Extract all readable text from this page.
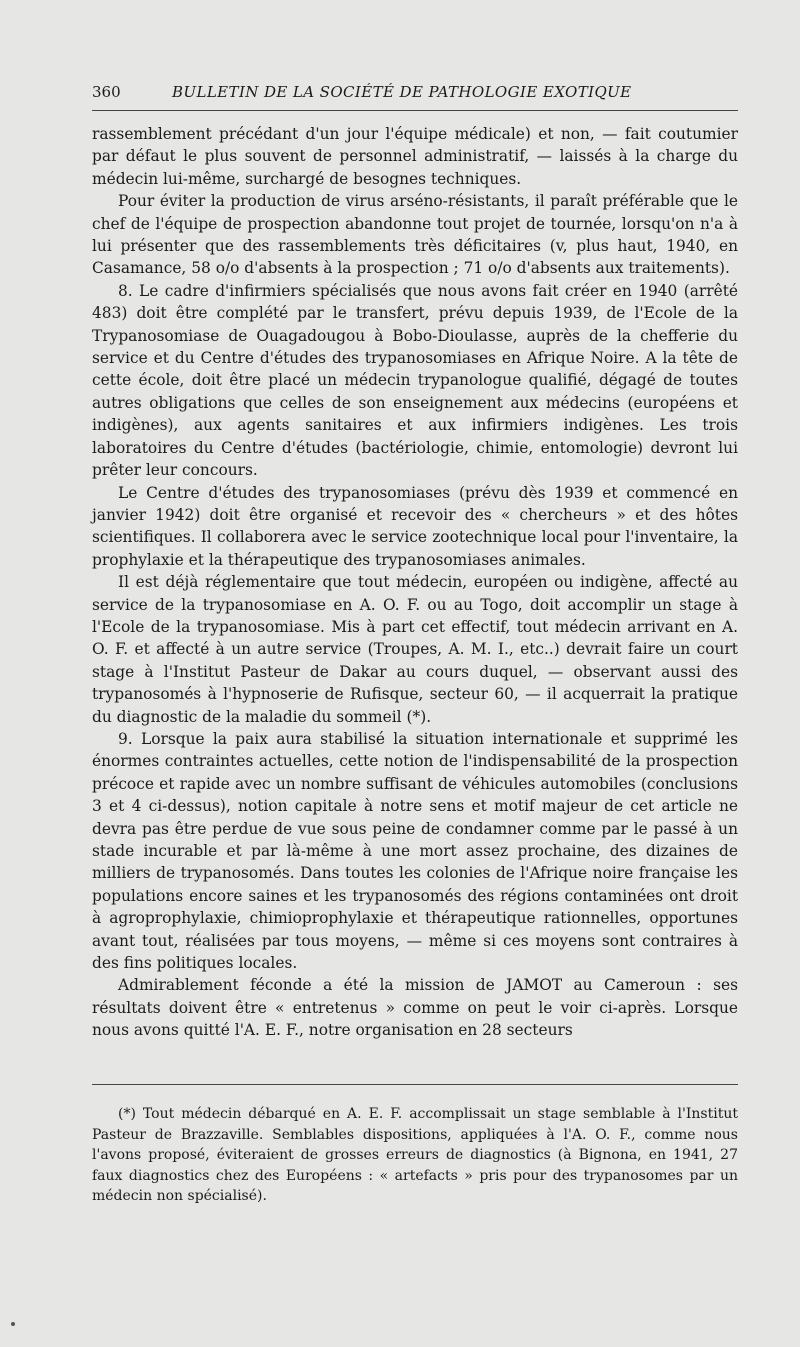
360	BULLETIN DE LA SOCIÉTÉ DE PATHOLOGIE EXOTIQUE

rassemblement précédant d'un jour l'équipe médicale) et non, — fait coutumier par défaut le plus souvent de personnel administratif, — laissés à la charge du médecin lui-même, surchargé de besognes techniques.

Pour éviter la production de virus arséno-résistants, il paraît préférable que le chef de l'équipe de prospection abandonne tout projet de tournée, lorsqu'on n'a à lui présenter que des rassemblements très déficitaires (v, plus haut, 1940, en Casamance, 58 o/o d'absents à la prospection ; 71 o/o d'absents aux traitements).

8. Le cadre d'infirmiers spécialisés que nous avons fait créer en 1940 (arrêté 483) doit être complété par le transfert, prévu depuis 1939, de l'Ecole de la Trypanosomiase de Ouagadougou à Bobo-Dioulasse, auprès de la chefferie du service et du Centre d'études des trypanosomiases en Afrique Noire. A la tête de cette école, doit être placé un médecin trypanologue qualifié, dégagé de toutes autres obligations que celles de son enseignement aux médecins (européens et indigènes), aux agents sanitaires et aux infirmiers indigènes. Les trois laboratoires du Centre d'études (bactériologie, chimie, entomologie) devront lui prêter leur concours.

Le Centre d'études des trypanosomiases (prévu dès 1939 et commencé en janvier 1942) doit être organisé et recevoir des « chercheurs » et des hôtes scientifiques. Il collaborera avec le service zootechnique local pour l'inventaire, la prophylaxie et la thérapeutique des trypanosomiases animales.

Il est déjà réglementaire que tout médecin, européen ou indigène, affecté au service de la trypanosomiase en A. O. F. ou au Togo, doit accomplir un stage à l'Ecole de la trypanosomiase. Mis à part cet effectif, tout médecin arrivant en A. O. F. et affecté à un autre service (Troupes, A. M. I., etc..) devrait faire un court stage à l'Institut Pasteur de Dakar au cours duquel, — observant aussi des trypanosomés à l'hypnoserie de Rufisque, secteur 60, — il acquerrait la pratique du diagnostic de la maladie du sommeil (*).

9. Lorsque la paix aura stabilisé la situation internationale et supprimé les énormes contraintes actuelles, cette notion de l'indispensabilité de la prospection précoce et rapide avec un nombre suffisant de véhicules automobiles (conclusions 3 et 4 ci-dessus), notion capitale à notre sens et motif majeur de cet article ne devra pas être perdue de vue sous peine de condamner comme par le passé à un stade incurable et par là-même à une mort assez prochaine, des dizaines de milliers de trypanosomés. Dans toutes les colonies de l'Afrique noire française les populations encore saines et les trypanosomés des régions contaminées ont droit à agroprophylaxie, chimioprophylaxie et thérapeutique rationnelles, opportunes avant tout, réalisées par tous moyens, — même si ces moyens sont contraires à des fins politiques locales.

Admirablement féconde a été la mission de JAMOT au Cameroun : ses résultats doivent être « entretenus » comme on peut le voir ci-après. Lorsque nous avons quitté l'A. E. F., notre organisation en 28 secteurs

(*) Tout médecin débarqué en A. E. F. accomplissait un stage semblable à l'Institut Pasteur de Brazzaville. Semblables dispositions, appliquées à l'A. O. F., comme nous l'avons proposé, éviteraient de grosses erreurs de diagnostics (à Bignona, en 1941, 27 faux diagnostics chez des Européens : « artefacts » pris pour des trypanosomes par un médecin non spécialisé).
